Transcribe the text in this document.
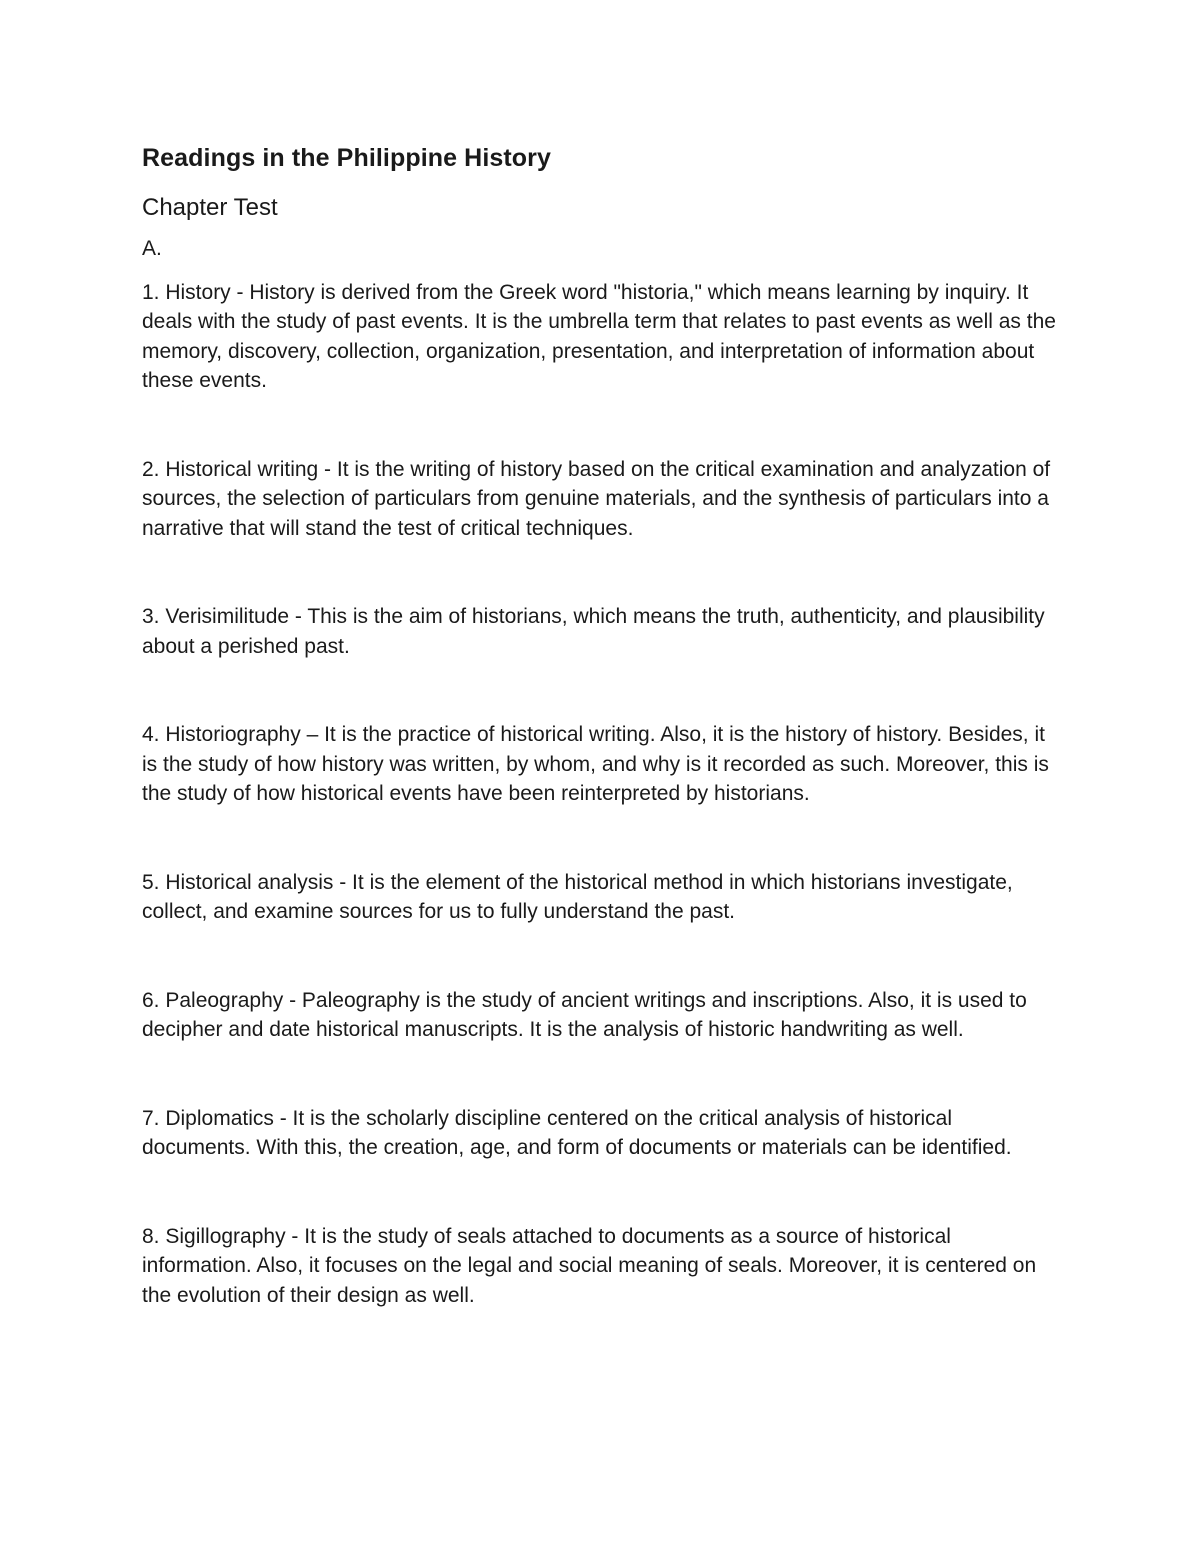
Readings in the Philippine History
Chapter Test

A.

1. History - History is derived from the Greek word "historia," which means learning by inquiry. It deals with the study of past events. It is the umbrella term that relates to past events as well as the memory, discovery, collection, organization, presentation, and interpretation of information about these events.

2. Historical writing - It is the writing of history based on the critical examination and analyzation of sources, the selection of particulars from genuine materials, and the synthesis of particulars into a narrative that will stand the test of critical techniques.

3. Verisimilitude - This is the aim of historians, which means the truth, authenticity, and plausibility about a perished past.

4. Historiography – It is the practice of historical writing. Also, it is the history of history. Besides, it is the study of how history was written, by whom, and why is it recorded as such. Moreover, this is the study of how historical events have been reinterpreted by historians.

5. Historical analysis - It is the element of the historical method in which historians investigate, collect, and examine sources for us to fully understand the past.

6. Paleography - Paleography is the study of ancient writings and inscriptions. Also, it is used to decipher and date historical manuscripts. It is the analysis of historic handwriting as well.

7. Diplomatics - It is the scholarly discipline centered on the critical analysis of historical documents. With this, the creation, age, and form of documents or materials can be identified.

8. Sigillography - It is the study of seals attached to documents as a source of historical information. Also, it focuses on the legal and social meaning of seals. Moreover, it is centered on the evolution of their design as well.
